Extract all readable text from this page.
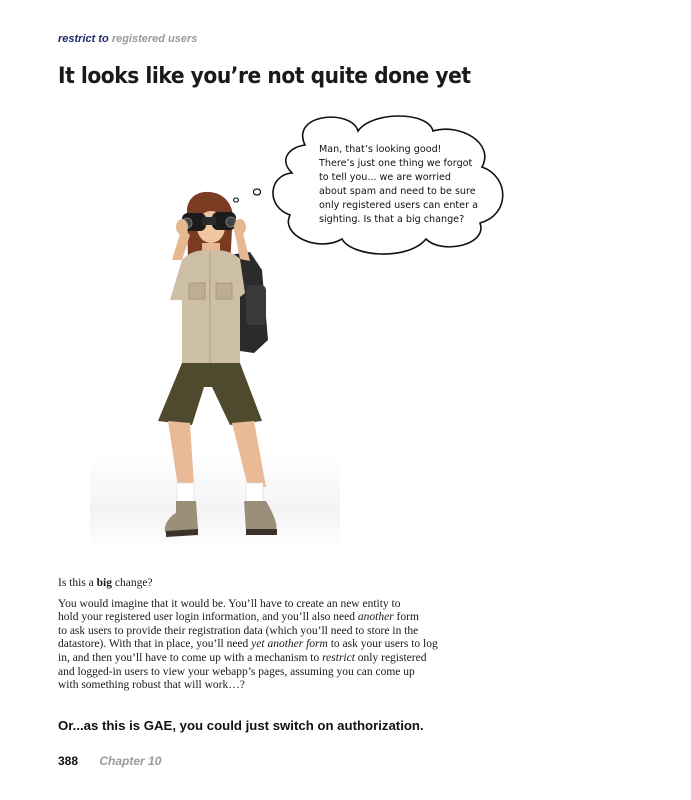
restrict to registered users
It looks like you’re not quite done yet

Man, that’s looking good!
There’s just one thing we forgot
to tell you... we are worried
about spam and need to be sure
only registered users can enter a
sighting. Is that a big change?

Is this a big change?

You would imagine that it would be. You’ll have to create an new entity to
hold your registered user login information, and you’ll also need another form
to ask users to provide their registration data (which you’ll need to store in the
datastore). With that in place, you’ll need yet another form to ask your users to log
in, and then you’ll have to come up with a mechanism to restrict only registered
and logged-in users to view your webapp’s pages, assuming you can come up
with something robust that will work…?

Or...as this is GAE, you could just switch on authorization.

388 Chapter 10
